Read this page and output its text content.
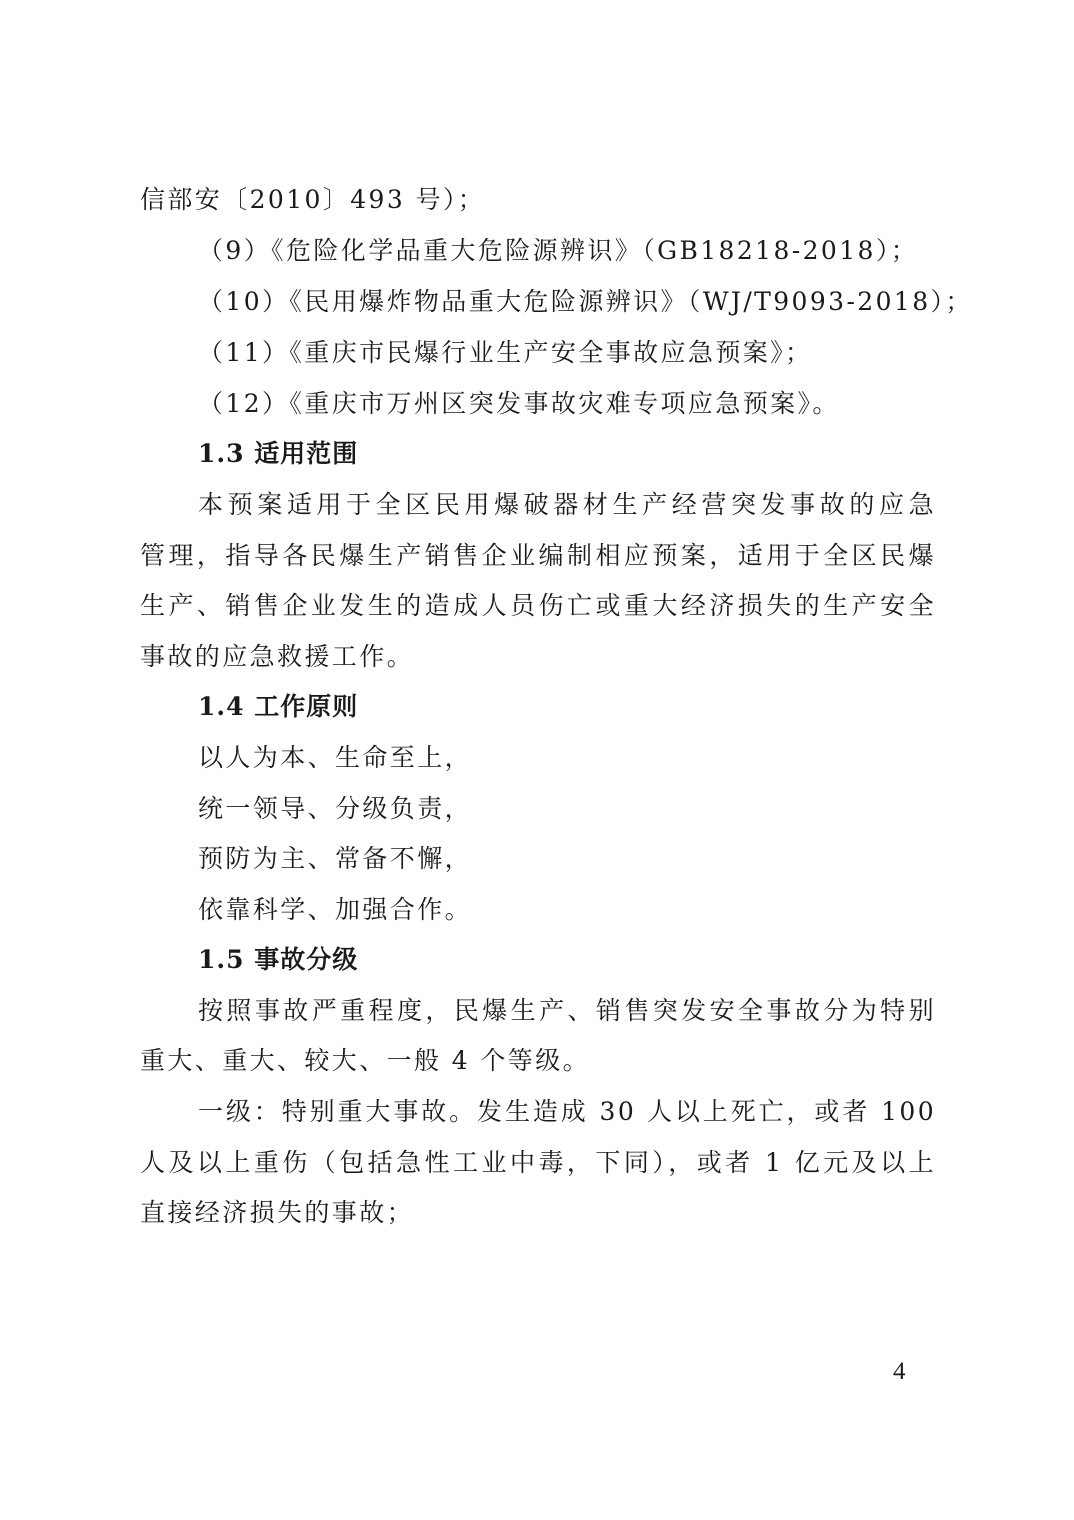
信部安〔2010〕493 号）；
（9）《危险化学品重大危险源辨识》（GB18218-2018）；
（10）《民用爆炸物品重大危险源辨识》（WJ/T9093-2018）；
（11）《重庆市民爆行业生产安全事故应急预案》；
（12）《重庆市万州区突发事故灾难专项应急预案》。
1.3 适用范围
本预案适用于全区民用爆破器材生产经营突发事故的应急
管理，指导各民爆生产销售企业编制相应预案，适用于全区民爆
生产、销售企业发生的造成人员伤亡或重大经济损失的生产安全
事故的应急救援工作。
1.4 工作原则
以人为本、生命至上，
统一领导、分级负责，
预防为主、常备不懈，
依靠科学、加强合作。
1.5 事故分级
按照事故严重程度，民爆生产、销售突发安全事故分为特别
重大、重大、较大、一般 4 个等级。
一级：特别重大事故。发生造成 30 人以上死亡，或者 100
人及以上重伤（包括急性工业中毒，下同），或者 1 亿元及以上
直接经济损失的事故；
4
